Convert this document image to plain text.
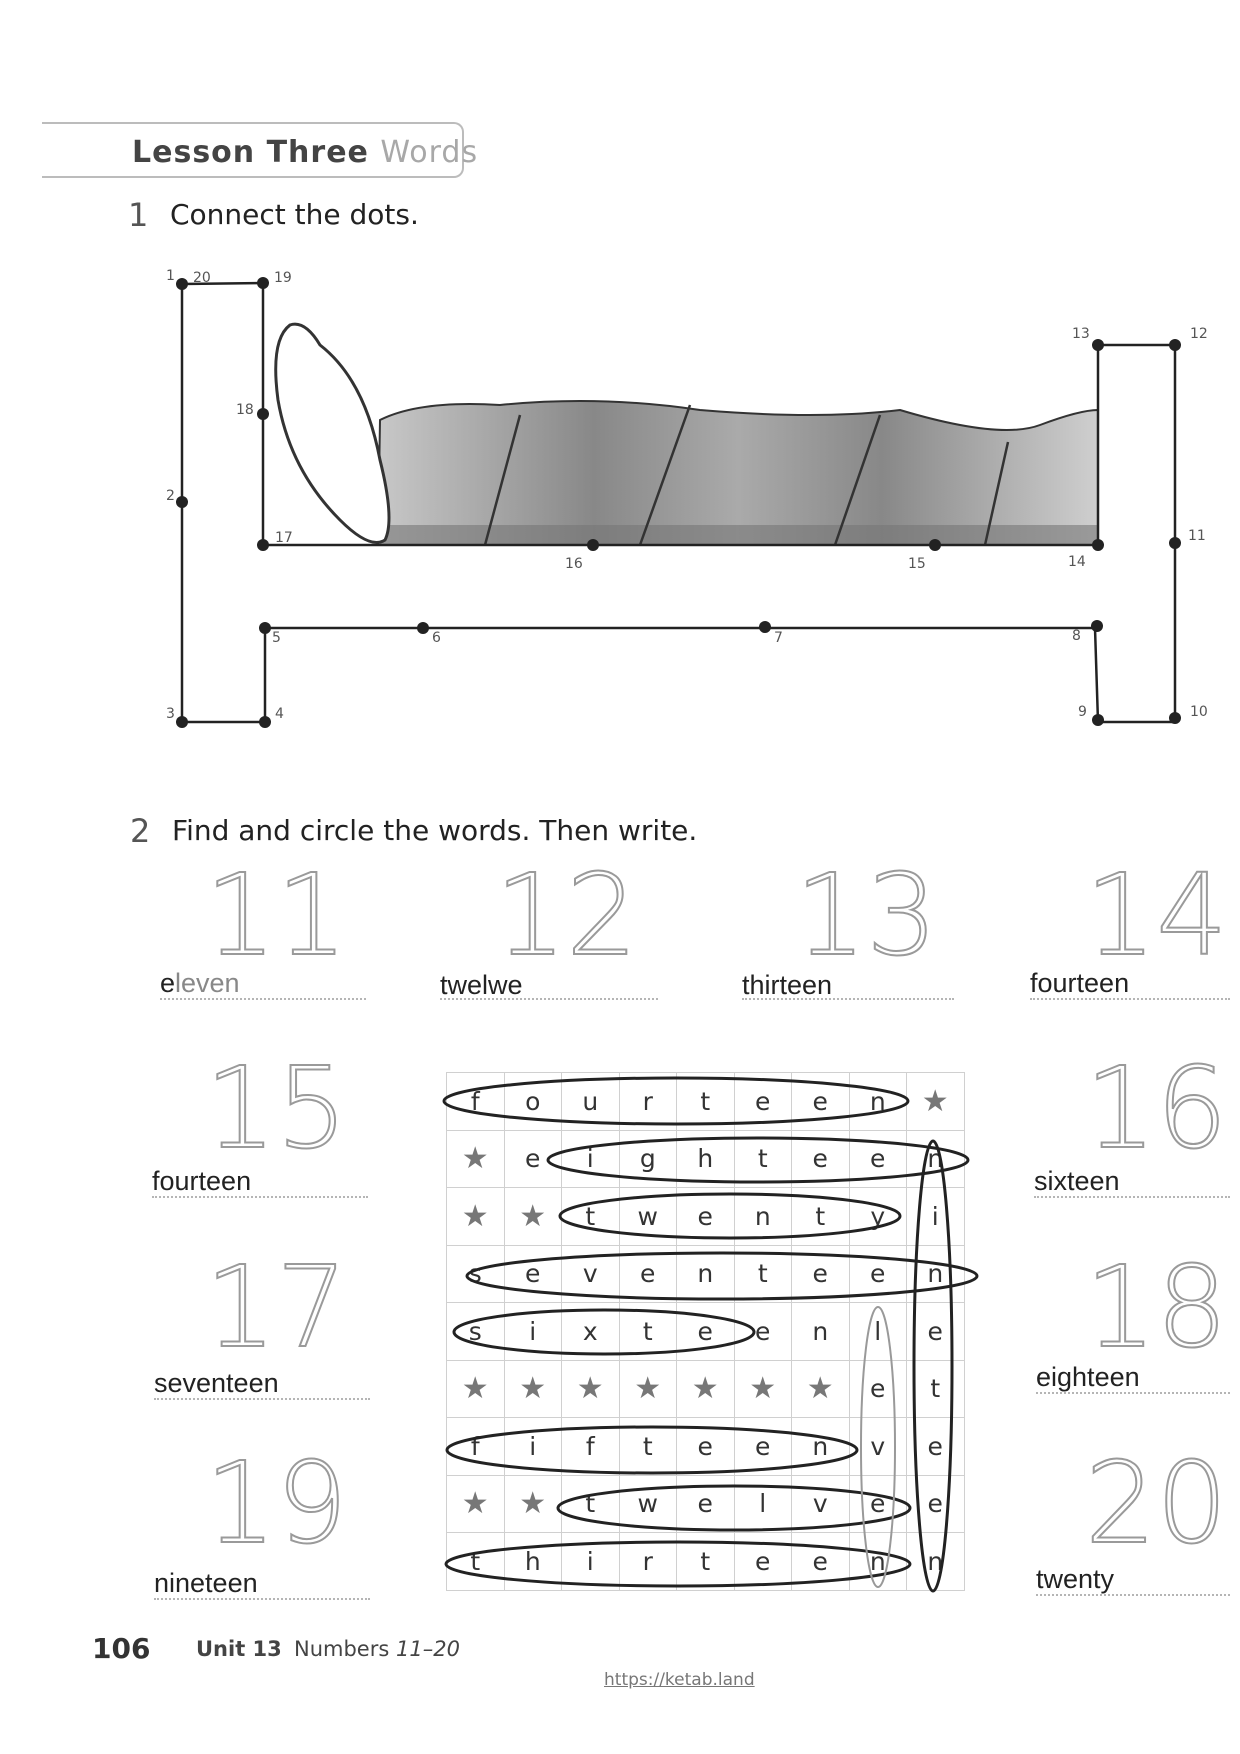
Lesson Three Words
1 Connect the dots.
1 20	19
18
2
17
16	15	14
13	12
11
5	6	7	8
3	4	9	10
2 Find and circle the words. Then write.
11 12 13 14
eleven	twelwe	thirteen	fourteen
15
fourteen
17
seventeen
19
nineteen
16
sixteen
18
eighteen
20
twenty
f	o	u	r	t	e	e	n	★
★	e	i	g	h	t	e	e	n
★	★	t	w	e	n	t	y	i
s	e	v	e	n	t	e	e	n
s	i	x	t	e	e	n	l	e
★	★	★	★	★	★	★	e	t
f	i	f	t	e	e	n	v	e
★	★	t	w	e	l	v	e	e
t	h	i	r	t	e	e	n	n
106 Unit 13 Numbers 11–20
https://ketab.land
